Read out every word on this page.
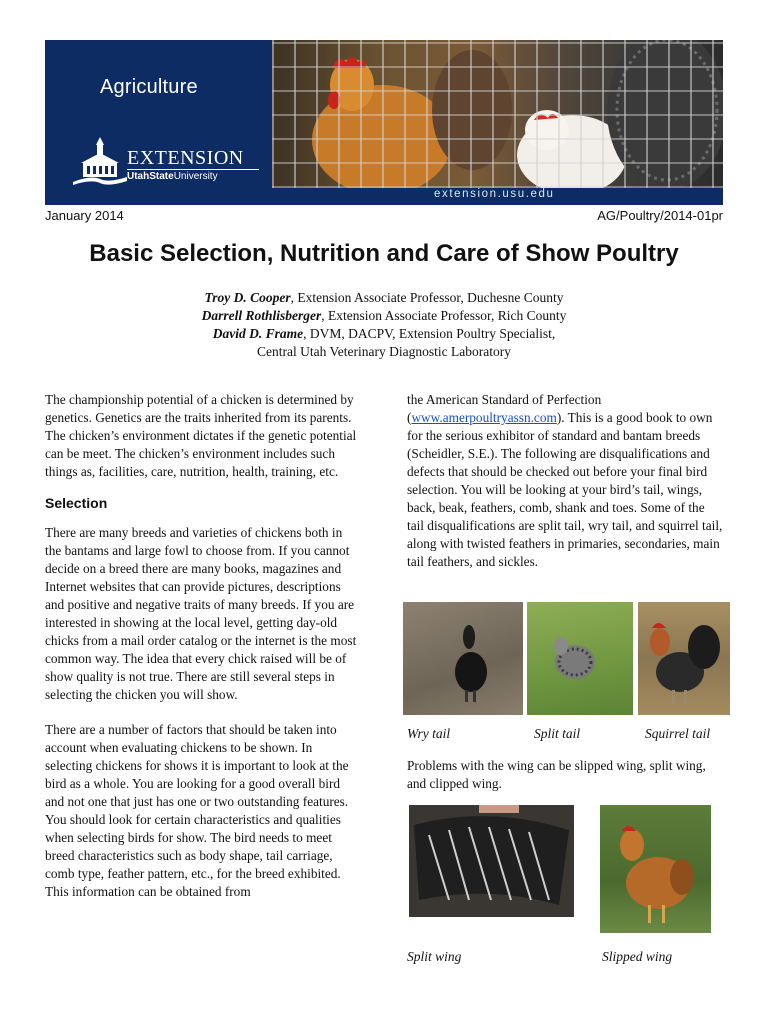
Agriculture
EXTENSION
UtahStateUniversity
extension.usu.edu
January 2014	AG/Poultry/2014-01pr
Basic Selection, Nutrition and Care of Show Poultry
Troy D. Cooper, Extension Associate Professor, Duchesne County
Darrell Rothlisberger, Extension Associate Professor, Rich County
David D. Frame, DVM, DACPV, Extension Poultry Specialist,
Central Utah Veterinary Diagnostic Laboratory

The championship potential of a chicken is determined by genetics. Genetics are the traits inherited from its parents. The chicken’s environment dictates if the genetic potential can be meet. The chicken’s environment includes such things as, facilities, care, nutrition, health, training, etc.

Selection

There are many breeds and varieties of chickens both in the bantams and large fowl to choose from. If you cannot decide on a breed there are many books, magazines and Internet websites that can provide pictures, descriptions and positive and negative traits of many breeds. If you are interested in showing at the local level, getting day-old chicks from a mail order catalog or the internet is the most common way. The idea that every chick raised will be of show quality is not true. There are still several steps in selecting the chicken you will show.

There are a number of factors that should be taken into account when evaluating chickens to be shown. In selecting chickens for shows it is important to look at the bird as a whole. You are looking for a good overall bird and not one that just has one or two outstanding features. You should look for certain characteristics and qualities when selecting birds for show. The bird needs to meet breed characteristics such as body shape, tail carriage, comb type, feather pattern, etc., for the breed exhibited. This information can be obtained from

the American Standard of Perfection (www.amerpoultryassn.com). This is a good book to own for the serious exhibitor of standard and bantam breeds (Scheidler, S.E.). The following are disqualifications and defects that should be checked out before your final bird selection. You will be looking at your bird’s tail, wings, back, beak, feathers, comb, shank and toes. Some of the tail disqualifications are split tail, wry tail, and squirrel tail, along with twisted feathers in primaries, secondaries, main tail feathers, and sickles.

Wry tail	Split tail	Squirrel tail
Problems with the wing can be slipped wing, split wing, and clipped wing.
Split wing	Slipped wing
